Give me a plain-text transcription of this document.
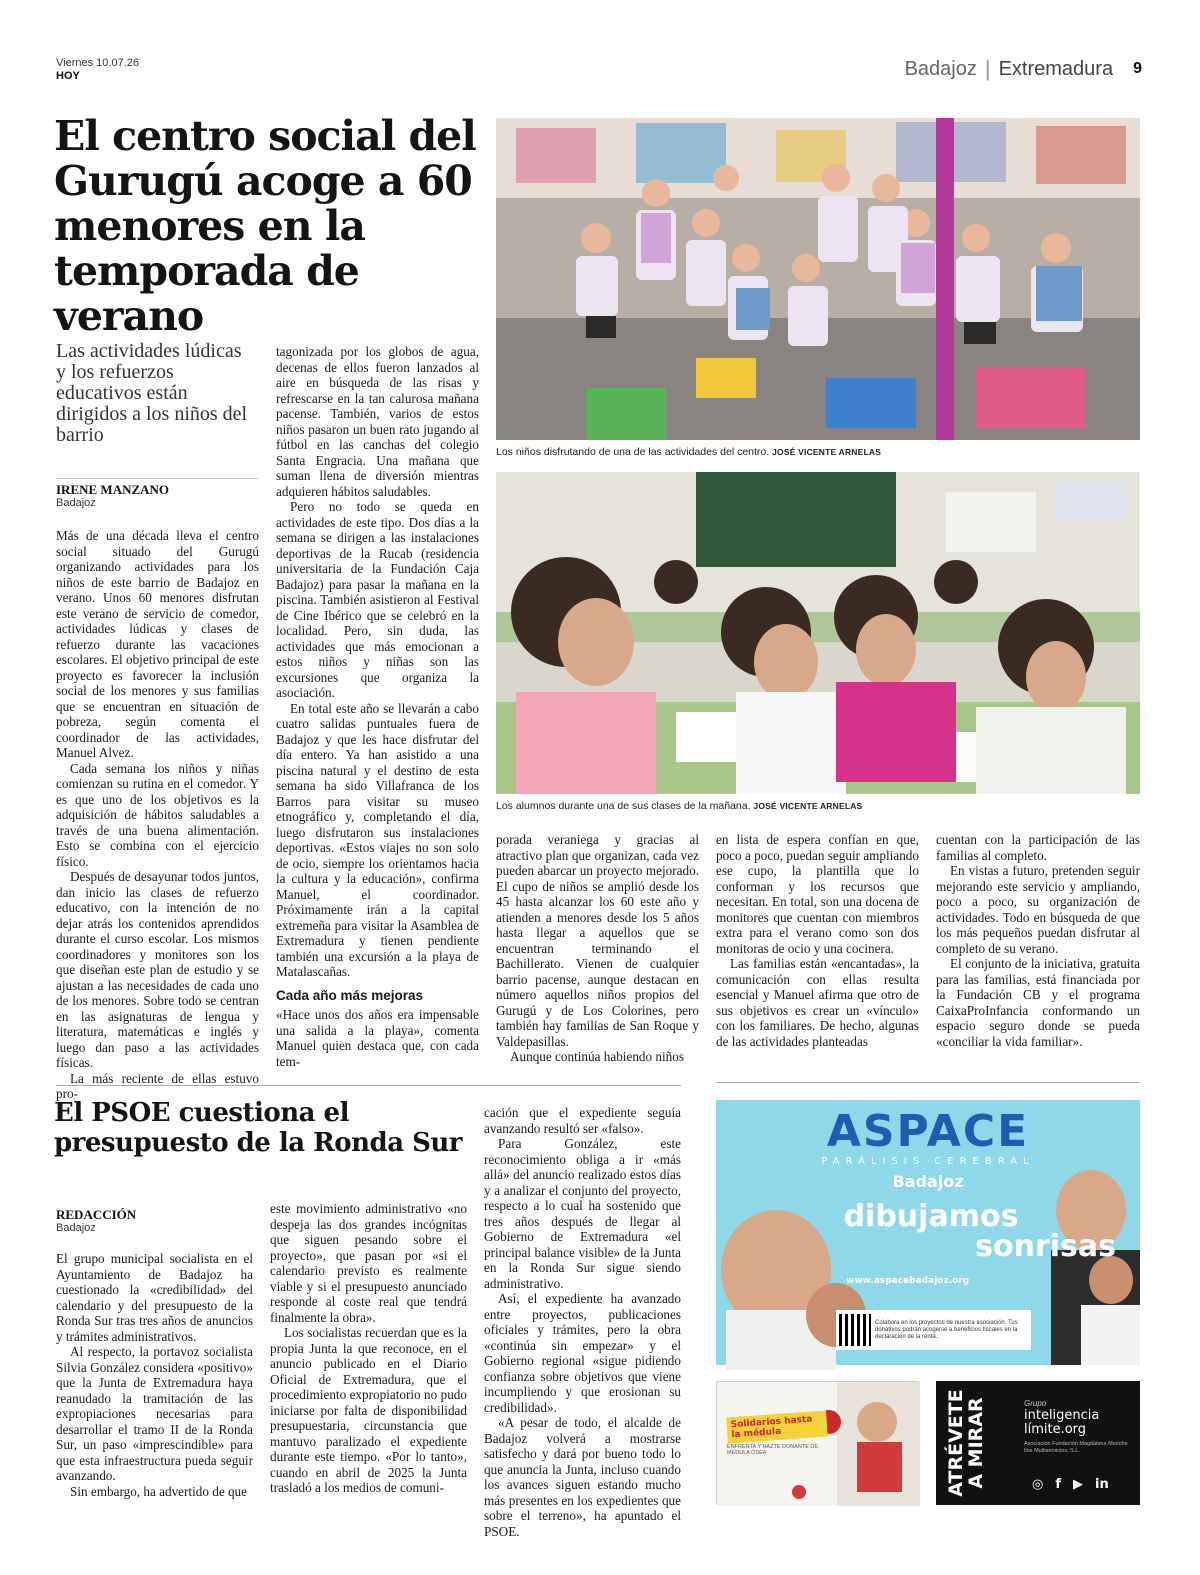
Viernes 10.07.26
HOY	Badajoz | Extremadura 9
El centro social del Gurugú acoge a 60 menores en la temporada de verano
Las actividades lúdicas y los refuerzos educativos están dirigidos a los niños del barrio
IRENE MANZANO
Badajoz

Más de una década lleva el centro social situado del Gurugú organizando actividades para los niños de este barrio de Badajoz en verano. Unos 60 menores disfrutan este verano de servicio de comedor, actividades lúdicas y clases de refuerzo durante las vacaciones escolares. El objetivo principal de este proyecto es favorecer la inclusión social de los menores y sus familias que se encuentran en situación de pobreza, según comenta el coordinador de las actividades, Manuel Alvez.

Cada semana los niños y niñas comienzan su rutina en el comedor. Y es que uno de los objetivos es la adquisición de hábitos saludables a través de una buena alimentación. Esto se combina con el ejercicio físico.

Después de desayunar todos juntos, dan inicio las clases de refuerzo educativo, con la intención de no dejar atrás los contenidos aprendidos durante el curso escolar. Los mismos coordinadores y monitores son los que diseñan este plan de estudio y se ajustan a las necesidades de cada uno de los menores. Sobre todo se centran en las asignaturas de lengua y literatura, matemáticas e inglés y luego dan paso a las actividades físicas.

La más reciente de ellas estuvo pro-

tagonizada por los globos de agua, decenas de ellos fueron lanzados al aire en búsqueda de las risas y refrescarse en la tan calurosa mañana pacense. También, varios de estos niños pasaron un buen rato jugando al fútbol en las canchas del colegio Santa Engracia. Una mañana que suman llena de diversión mientras adquieren hábitos saludables.

Pero no todo se queda en actividades de este tipo. Dos días a la semana se dirigen a las instalaciones deportivas de la Rucab (residencia universitaria de la Fundación Caja Badajoz) para pasar la mañana en la piscina. También asistieron al Festival de Cine Ibérico que se celebró en la localidad. Pero, sin duda, las actividades que más emocionan a estos niños y niñas son las excursiones que organiza la asociación.

En total este año se llevarán a cabo cuatro salidas puntuales fuera de Badajoz y que les hace disfrutar del día entero. Ya han asistido a una piscina natural y el destino de esta semana ha sido Villafranca de los Barros para visitar su museo etnográfico y, completando el día, luego disfrutaron sus instalaciones deportivas. «Estos viajes no son solo de ocio, siempre los orientamos hacia la cultura y la educación», confirma Manuel, el coordinador. Próximamente irán a la capital extremeña para visitar la Asamblea de Extremadura y tienen pendiente también una excursión a la playa de Matalascañas.

Cada año más mejoras

«Hace unos dos años era impensable una salida a la playa», comenta Manuel quien destaca que, con cada tem-

Los niños disfrutando de una de las actividades del centro. JOSÉ VICENTE ARNELAS
Los alumnos durante una de sus clases de la mañana. JOSÉ VICENTE ARNELAS

porada veraniega y gracias al atractivo plan que organizan, cada vez pueden abarcar un proyecto mejorado. El cupo de niños se amplió desde los 45 hasta alcanzar los 60 este año y atienden a menores desde los 5 años hasta llegar a aquellos que se encuentran terminando el Bachillerato. Vienen de cualquier barrio pacense, aunque destacan en número aquellos niños propios del Gurugú y de Los Colorines, pero también hay familias de San Roque y Valdepasillas.

Aunque continúa habiendo niños

en lista de espera confían en que, poco a poco, puedan seguir ampliando ese cupo, la plantilla que lo conforman y los recursos que necesitan. En total, son una docena de monitores que cuentan con miembros extra para el verano como son dos monitoras de ocio y una cocinera.

Las familias están «encantadas», la comunicación con ellas resulta esencial y Manuel afirma que otro de sus objetivos es crear un «vínculo» con los familiares. De hecho, algunas de las actividades planteadas

cuentan con la participación de las familias al completo.

En vistas a futuro, pretenden seguir mejorando este servicio y ampliando, poco a poco, su organización de actividades. Todo en búsqueda de que los más pequeños puedan disfrutar al completo de su verano.

El conjunto de la iniciativa, gratuita para las familias, está financiada por la Fundación CB y el programa CaixaProInfancia conformando un espacio seguro donde se pueda «conciliar la vida familiar».

El PSOE cuestiona el presupuesto de la Ronda Sur
REDACCIÓN
Badajoz

El grupo municipal socialista en el Ayuntamiento de Badajoz ha cuestionado la «credibilidad» del calendario y del presupuesto de la Ronda Sur tras tres años de anuncios y trámites administrativos.

Al respecto, la portavoz socialista Silvia González considera «positivo» que la Junta de Extremadura haya reanudado la tramitación de las expropiaciones necesarias para desarrollar el tramo II de la Ronda Sur, un paso «imprescindible» para que esta infraestructura pueda seguir avanzando.

Sin embargo, ha advertido de que

este movimiento administrativo «no despeja las dos grandes incógnitas que siguen pesando sobre el proyecto», que pasan por «si el calendario previsto es realmente viable y si el presupuesto anunciado responde al coste real que tendrá finalmente la obra».

Los socialistas recuerdan que es la propia Junta la que reconoce, en el anuncio publicado en el Diario Oficial de Extremadura, que el procedimiento expropiatorio no pudo iniciarse por falta de disponibilidad presupuestaria, circunstancia que mantuvo paralizado el expediente durante este tiempo. «Por lo tanto», cuando en abril de 2025 la Junta trasladó a los medios de comuni-

cación que el expediente seguía avanzando resultó ser «falso».

Para González, este reconocimiento obliga a ir «más allá» del anuncio realizado estos días y a analizar el conjunto del proyecto, respecto a lo cual ha sostenido que tres años después de llegar al Gobierno de Extremadura «el principal balance visible» de la Junta en la Ronda Sur sigue siendo administrativo.

Así, el expediente ha avanzado entre proyectos, publicaciones oficiales y trámites, pero la obra «continúa sin empezar» y el Gobierno regional «sigue pidiendo confianza sobre objetivos que viene incumpliendo y que erosionan su credibilidad».

«A pesar de todo, el alcalde de Badajoz volverá a mostrarse satisfecho y dará por bueno todo lo que anuncia la Junta, incluso cuando los avances siguen estando mucho más presentes en los expedientes que sobre el terreno», ha apuntado el PSOE.

ASPACE
PARÁLISIS CEREBRAL
Badajoz
dibujamos
sonrisas
www.aspacebadajoz.org
Colabora en los proyectos de nuestra asociación. Tus donativos podrán acogerse a beneficios fiscales en la declaración de la renta.
Solidarios hasta la médula
ENFRENTA Y HAZTE DONANTE DE MÉDULA ÓSEA	ATRÉVETE
A MIRAR	Grupo
inteligencia
límite.org
Asociación Fundación Magdalena Moriche Ilos Multiservicios, S.L.
◎ f ▶ in
